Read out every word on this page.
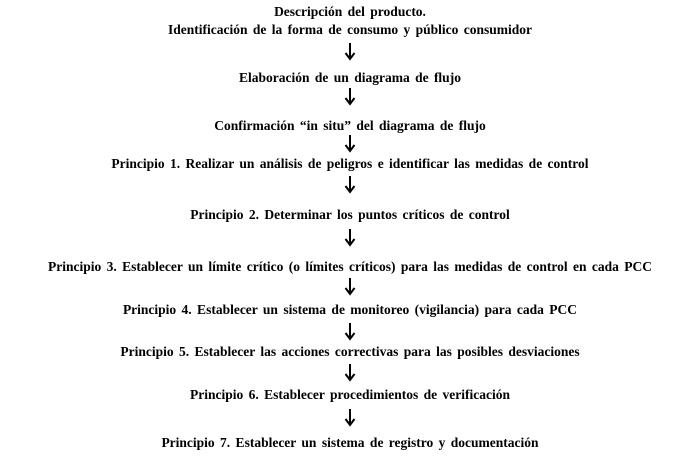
Descripción del producto.
Identificación de la forma de consumo y público consumidor
Elaboración de un diagrama de flujo
Confirmación “in situ” del diagrama de flujo
Principio 1. Realizar un análisis de peligros e identificar las medidas de control
Principio 2. Determinar los puntos críticos de control
Principio 3. Establecer un límite crítico (o límites críticos) para las medidas de control en cada PCC
Principio 4. Establecer un sistema de monitoreo (vigilancia) para cada PCC
Principio 5. Establecer las acciones correctivas para las posibles desviaciones
Principio 6. Establecer procedimientos de verificación
Principio 7. Establecer un sistema de registro y documentación
